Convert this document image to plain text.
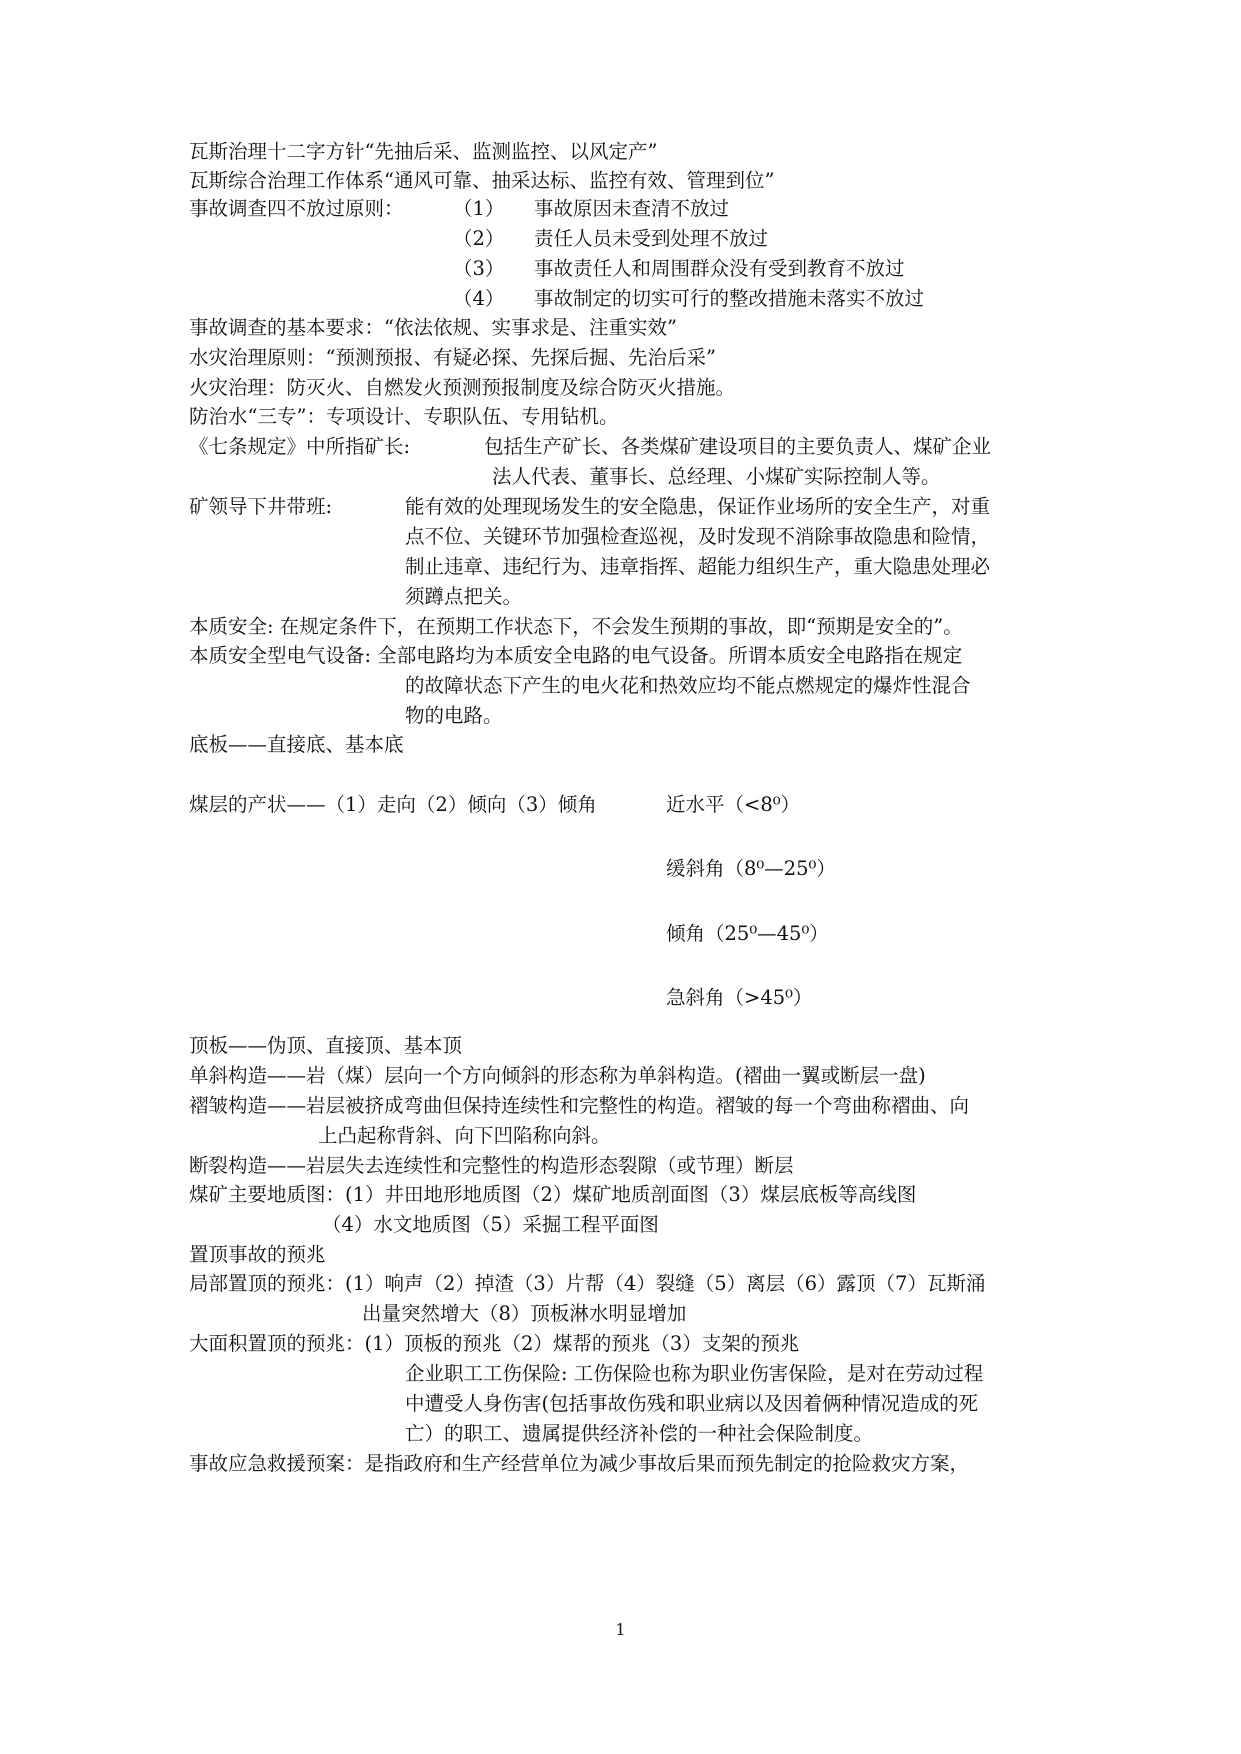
瓦斯治理十二字方针“先抽后采、监测监控、以风定产”
瓦斯综合治理工作体系“通风可靠、抽采达标、监控有效、管理到位”
事故调查四不放过原则：	（1） 事故原因未查清不放过
（2） 责任人员未受到处理不放过
（3） 事故责任人和周围群众没有受到教育不放过
（4） 事故制定的切实可行的整改措施未落实不放过
事故调查的基本要求：“依法依规、实事求是、注重实效”
水灾治理原则：“预测预报、有疑必探、先探后掘、先治后采”
火灾治理：防灭火、自燃发火预测预报制度及综合防灭火措施。
防治水“三专”：专项设计、专职队伍、专用钻机。
《七条规定》中所指矿长:	包括生产矿长、各类煤矿建设项目的主要负责人、煤矿企业
法人代表、董事长、总经理、小煤矿实际控制人等。
矿领导下井带班:	能有效的处理现场发生的安全隐患，保证作业场所的安全生产，对重
点不位、关键环节加强检查巡视，及时发现不消除事故隐患和险情，
制止违章、违纪行为、违章指挥、超能力组织生产，重大隐患处理必
须蹲点把关。
本质安全: 在规定条件下，在预期工作状态下，不会发生预期的事故，即“预期是安全的”。
本质安全型电气设备: 全部电路均为本质安全电路的电气设备。所谓本质安全电路指在规定
的故障状态下产生的电火花和热效应均不能点燃规定的爆炸性混合
物的电路。
底板——直接底、基本底
煤层的产状——（1）走向（2）倾向（3）倾角	近水平（<8⁰）
缓斜角（8⁰—25⁰）
倾角（25⁰—45⁰）
急斜角（>45⁰）
顶板——伪顶、直接顶、基本顶
单斜构造——岩（煤）层向一个方向倾斜的形态称为单斜构造。(褶曲一翼或断层一盘)
褶皱构造——岩层被挤成弯曲但保持连续性和完整性的构造。褶皱的每一个弯曲称褶曲、向
上凸起称背斜、向下凹陷称向斜。
断裂构造——岩层失去连续性和完整性的构造形态裂隙（或节理）断层
煤矿主要地质图：(1）井田地形地质图（2）煤矿地质剖面图（3）煤层底板等高线图
（4）水文地质图（5）采掘工程平面图
置顶事故的预兆
局部置顶的预兆：(1）响声（2）掉渣（3）片帮（4）裂缝（5）离层（6）露顶（7）瓦斯涌
出量突然增大（8）顶板淋水明显增加
大面积置顶的预兆：(1）顶板的预兆（2）煤帮的预兆（3）支架的预兆
企业职工工伤保险: 工伤保险也称为职业伤害保险，是对在劳动过程
中遭受人身伤害(包括事故伤残和职业病以及因着俩种情况造成的死
亡）的职工、遗属提供经济补偿的一种社会保险制度。
事故应急救援预案：是指政府和生产经营单位为减少事故后果而预先制定的抢险救灾方案，
1
